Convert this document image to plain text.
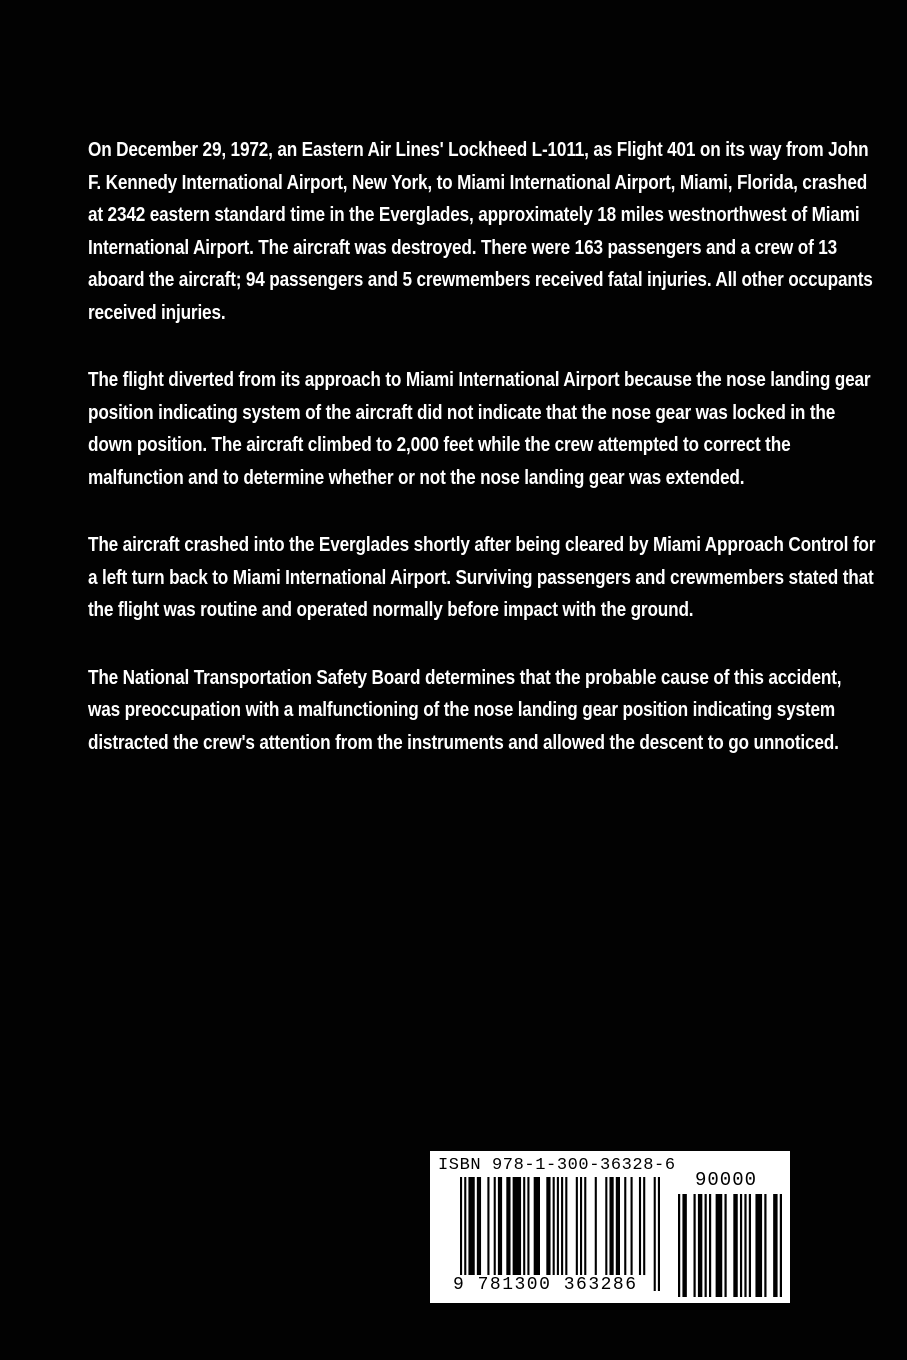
On December 29, 1972, an Eastern Air Lines' Lockheed L-1011, as Flight 401 on its way from John F. Kennedy International Airport, New York, to Miami International Airport, Miami, Florida, crashed at 2342 eastern standard time in the Everglades, approximately 18 miles westnorthwest of Miami International Airport. The aircraft was destroyed. There were 163 passengers and a crew of 13 aboard the aircraft; 94 passengers and 5 crewmembers received fatal injuries. All other occupants received injuries.

The flight diverted from its approach to Miami International Airport because the nose landing gear position indicating system of the aircraft did not indicate that the nose gear was locked in the down position. The aircraft climbed to 2,000 feet while the crew attempted to correct the malfunction and to determine whether or not the nose landing gear was extended.

The aircraft crashed into the Everglades shortly after being cleared by Miami Approach Control for a left turn back to Miami International Airport. Surviving passengers and crewmembers stated that the flight was routine and operated normally before impact with the ground.

The National Transportation Safety Board determines that the probable cause of this accident, was preoccupation with a malfunctioning of the nose landing gear position indicating system distracted the crew's attention from the instruments and allowed the descent to go unnoticed.

ISBN 978-1-300-36328-6
90000
9 781300 363286
